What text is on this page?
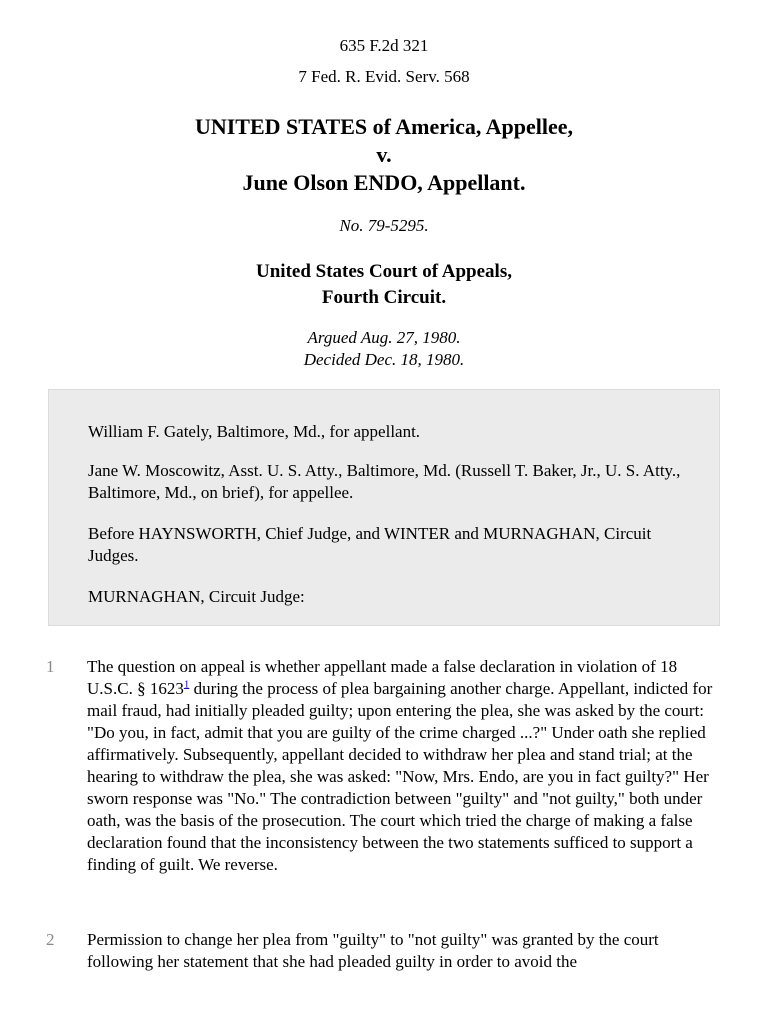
635 F.2d 321
7 Fed. R. Evid. Serv. 568
UNITED STATES of America, Appellee,
v.
June Olson ENDO, Appellant.
No. 79-5295.
United States Court of Appeals,
Fourth Circuit.
Argued Aug. 27, 1980.
Decided Dec. 18, 1980.

William F. Gately, Baltimore, Md., for appellant.

Jane W. Moscowitz, Asst. U. S. Atty., Baltimore, Md. (Russell T. Baker, Jr., U. S. Atty., Baltimore, Md., on brief), for appellee.

Before HAYNSWORTH, Chief Judge, and WINTER and MURNAGHAN, Circuit Judges.

MURNAGHAN, Circuit Judge:

1 The question on appeal is whether appellant made a false declaration in violation of 18 U.S.C. § 1623$^1$ during the process of plea bargaining another charge. Appellant, indicted for mail fraud, had initially pleaded guilty; upon entering the plea, she was asked by the court: "Do you, in fact, admit that you are guilty of the crime charged ...?" Under oath she replied affirmatively. Subsequently, appellant decided to withdraw her plea and stand trial; at the hearing to withdraw the plea, she was asked: "Now, Mrs. Endo, are you in fact guilty?" Her sworn response was "No." The contradiction between "guilty" and "not guilty," both under oath, was the basis of the prosecution. The court which tried the charge of making a false declaration found that the inconsistency between the two statements sufficed to support a finding of guilt. We reverse.

2 Permission to change her plea from "guilty" to "not guilty" was granted by the court following her statement that she had pleaded guilty in order to avoid the
